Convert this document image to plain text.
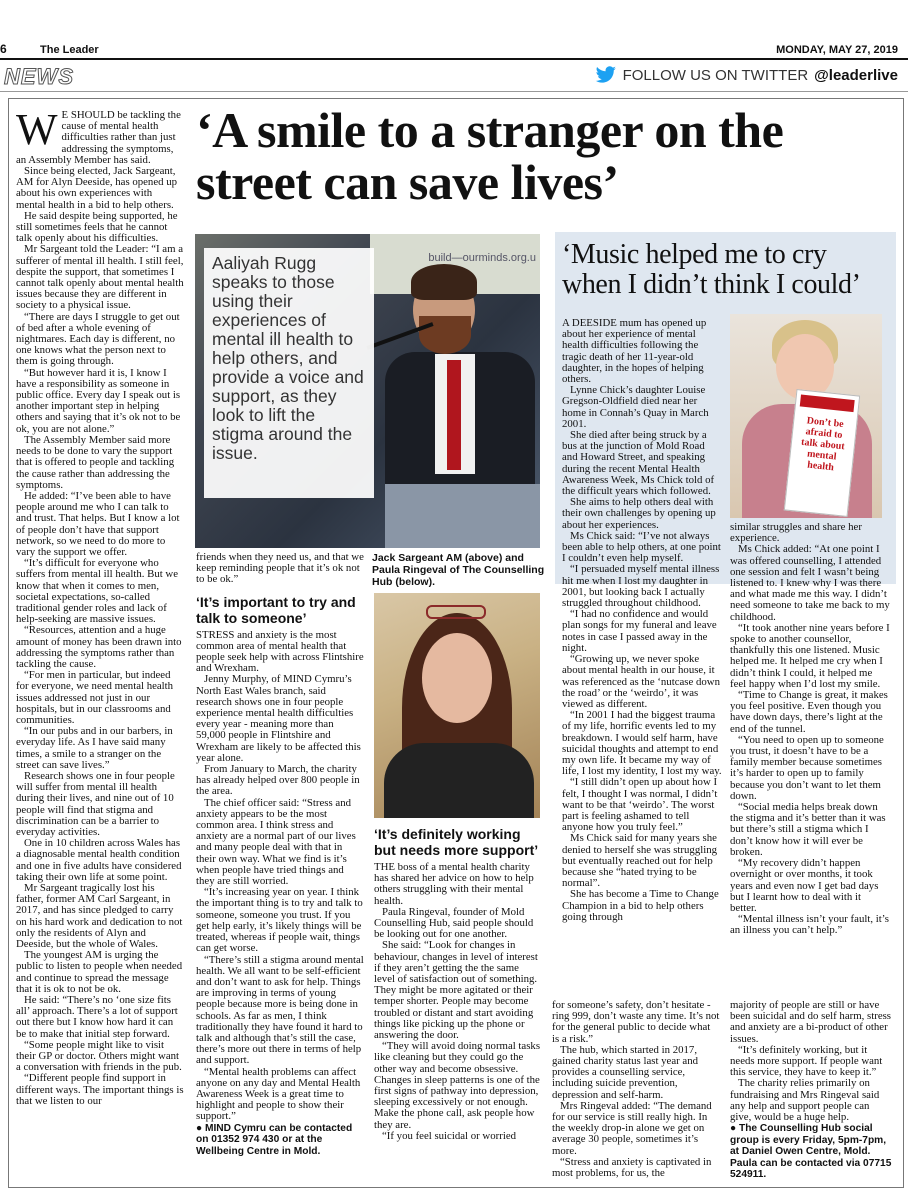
6	The Leader	MONDAY, MAY 27, 2019
NEWS	FOLLOW US ON TWITTER @leaderlive
W E SHOULD be tackling the cause of mental health difficulties rather than just addressing the symptoms, an Assembly Member has said.

Since being elected, Jack Sargeant, AM for Alyn Deeside, has opened up about his own experiences with mental health in a bid to help others.

He said despite being supported, he still sometimes feels that he cannot talk openly about his difficulties.

Mr Sargeant told the Leader: “I am a sufferer of mental ill health. I still feel, despite the support, that sometimes I cannot talk openly about mental health issues because they are different in society to a physical issue.

“There are days I struggle to get out of bed after a whole evening of nightmares. Each day is different, no one knows what the person next to them is going through.

“But however hard it is, I know I have a responsibility as someone in public office. Every day I speak out is another important step in helping others and saying that it’s ok not to be ok, you are not alone.”

The Assembly Member said more needs to be done to vary the support that is offered to people and tackling the cause rather than addressing the symptoms.

He added: “I’ve been able to have people around me who I can talk to and trust. That helps. But I know a lot of people don’t have that support network, so we need to do more to vary the support we offer.

“It’s difficult for everyone who suffers from mental ill health. But we know that when it comes to men, societal expectations, so-called traditional gender roles and lack of help-seeking are massive issues.

“Resources, attention and a huge amount of money has been drawn into addressing the symptoms rather than tackling the cause.

“For men in particular, but indeed for everyone, we need mental health issues addressed not just in our hospitals, but in our classrooms and communities.

“In our pubs and in our barbers, in everyday life. As I have said many times, a smile to a stranger on the street can save lives.”

Research shows one in four people will suffer from mental ill health during their lives, and nine out of 10 people will find that stigma and discrimination can be a barrier to everyday activities.

One in 10 children across Wales has a diagnosable mental health condition and one in five adults have considered taking their own life at some point.

Mr Sargeant tragically lost his father, former AM Carl Sargeant, in 2017, and has since pledged to carry on his hard work and dedication to not only the residents of Alyn and Deeside, but the whole of Wales.

The youngest AM is urging the public to listen to people when needed and continue to spread the message that it is ok to not be ok.

He said: “There’s no ‘one size fits all’ approach. There’s a lot of support out there but I know how hard it can be to make that initial step forward.

“Some people might like to visit their GP or doctor. Others might want a conversation with friends in the pub.

“Different people find support in different ways. The important things is that we listen to our

‘A smile to a stranger on the street can save lives’
build—ourminds.org.u
Aaliyah Rugg speaks to those using their experiences of mental ill health to help others, and provide a voice and support, as they look to lift the stigma around the issue.

friends when they need us, and that we keep reminding people that it’s ok not to be ok.”

‘It’s important to try and talk to someone’

STRESS and anxiety is the most common area of mental health that people seek help with across Flintshire and Wrexham.

Jenny Murphy, of MIND Cymru’s North East Wales branch, said research shows one in four people experience mental health difficulties every year - meaning more than 59,000 people in Flintshire and Wrexham are likely to be affected this year alone.

From January to March, the charity has already helped over 800 people in the area.

The chief officer said: “Stress and anxiety appears to be the most common area. I think stress and anxiety are a normal part of our lives and many people deal with that in their own way. What we find is it’s when people have tried things and they are still worried.

“It’s increasing year on year. I think the important thing is to try and talk to someone, someone you trust. If you get help early, it’s likely things will be treated, whereas if people wait, things can get worse.

“There’s still a stigma around mental health. We all want to be self-efficient and don’t want to ask for help. Things are improving in terms of young people because more is being done in schools. As far as men, I think traditionally they have found it hard to talk and although that’s still the case, there’s more out there in terms of help and support.

“Mental health problems can affect anyone on any day and Mental Health Awareness Week is a great time to highlight and people to show their support.”

● MIND Cymru can be contacted on 01352 974 430 or at the Wellbeing Centre in Mold.

Jack Sargeant AM (above) and Paula Ringeval of The Counselling Hub (below).
‘It’s definitely working but needs more support’

THE boss of a mental health charity has shared her advice on how to help others struggling with their mental health.

Paula Ringeval, founder of Mold Counselling Hub, said people should be looking out for one another.

She said: “Look for changes in behaviour, changes in level of interest if they aren’t getting the the same level of satisfaction out of something. They might be more agitated or their temper shorter. People may become troubled or distant and start avoiding things like picking up the phone or answering the door.

“They will avoid doing normal tasks like cleaning but they could go the other way and become obsessive. Changes in sleep patterns is one of the first signs of pathway into depression, sleeping excessively or not enough. Make the phone call, ask people how they are.

“If you feel suicidal or worried

‘Music helped me to cry when I didn’t think I could’
Don’t be afraid to talk about mental health

A DEESIDE mum has opened up about her experience of mental health difficulties following the tragic death of her 11-year-old daughter, in the hopes of helping others.

Lynne Chick’s daughter Louise Gregson-Oldfield died near her home in Connah’s Quay in March 2001.

She died after being struck by a bus at the junction of Mold Road and Howard Street, and speaking during the recent Mental Health Awareness Week, Ms Chick told of the difficult years which followed.

She aims to help others deal with their own challenges by opening up about her experiences.

Ms Chick said: “I’ve not always been able to help others, at one point I couldn’t even help myself.

“I persuaded myself mental illness hit me when I lost my daughter in 2001, but looking back I actually struggled throughout childhood.

“I had no confidence and would plan songs for my funeral and leave notes in case I passed away in the night.

“Growing up, we never spoke about mental health in our house, it was referenced as the ‘nutcase down the road’ or the ‘weirdo’, it was viewed as different.

“In 2001 I had the biggest trauma of my life, horrific events led to my breakdown. I would self harm, have suicidal thoughts and attempt to end my own life. It became my way of life, I lost my identity, I lost my way.

“I still didn’t open up about how I felt, I thought I was normal, I didn’t want to be that ‘weirdo’. The worst part is feeling ashamed to tell anyone how you truly feel.”

Ms Chick said for many years she denied to herself she was struggling but eventually reached out for help because she “hated trying to be normal”.

She has become a Time to Change Champion in a bid to help others going through

similar struggles and share her experience.

Ms Chick added: “At one point I was offered counselling, I attended one session and felt I wasn’t being listened to. I knew why I was there and what made me this way. I didn’t need someone to take me back to my childhood.

“It took another nine years before I spoke to another counsellor, thankfully this one listened. Music helped me. It helped me cry when I didn’t think I could, it helped me feel happy when I’d lost my smile.

“Time to Change is great, it makes you feel positive. Even though you have down days, there’s light at the end of the tunnel.

“You need to open up to someone you trust, it doesn’t have to be a family member because sometimes it’s harder to open up to family because you don’t want to let them down.

“Social media helps break down the stigma and it’s better than it was but there’s still a stigma which I don’t know how it will ever be broken.

“My recovery didn’t happen overnight or over months, it took years and even now I get bad days but I learnt how to deal with it better.

“Mental illness isn’t your fault, it’s an illness you can’t help.”

for someone’s safety, don’t hesitate - ring 999, don’t waste any time. It’s not for the general public to decide what is a risk.”

The hub, which started in 2017, gained charity status last year and provides a counselling service, including suicide prevention, depression and self-harm.

Mrs Ringeval added: “The demand for our service is still really high. In the weekly drop-in alone we get on average 30 people, sometimes it’s more.

“Stress and anxiety is captivated in most problems, for us, the

majority of people are still or have been suicidal and do self harm, stress and anxiety are a bi-product of other issues.

“It’s definitely working, but it needs more support. If people want this service, they have to keep it.”

The charity relies primarily on fundraising and Mrs Ringeval said any help and support people can give, would be a huge help.

● The Counselling Hub social group is every Friday, 5pm-7pm, at Daniel Owen Centre, Mold. Paula can be contacted via 07715 524911.
